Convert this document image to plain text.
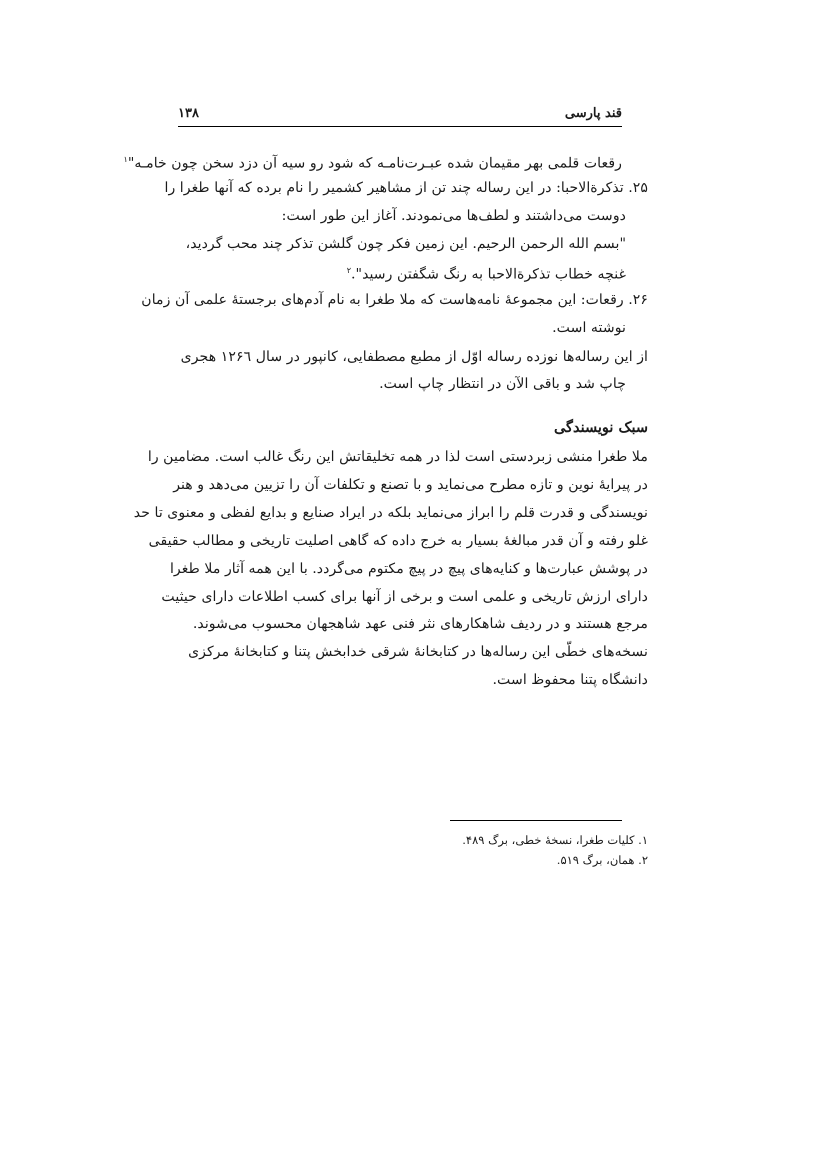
قند پارسی
۱۳۸
رقعات قلمی بهر مقیمان شده عبـرت‌نامـه که شود رو سیه آن دزد سخن چون خامـه"$^۱$
۲۵. تذکرةالاحبا: در این رساله چند تن از مشاهیر کشمیر را نام برده که آنها طغرا را
دوست می‌داشتند و لطف‌ها می‌نمودند. آغاز این طور است:
"بسم الله الرحمن الرحیم. این زمین فکر چون گلشن تذکر چند محب گردید،
غنچه خطاب تذکرةالاحبا به رنگ شگفتن رسید".$^۲$
۲۶. رقعات: این مجموعهٔ نامه‌هاست که ملا طغرا به نام آدم‌های برجستهٔ علمی آن زمان
نوشته است.
از این رساله‌ها نوزده رساله اوّل از مطبع مصطفایی، کانپور در سال ۱۲۶٦ هجری
چاپ شد و باقی الآن در انتظار چاپ است.
سبک نویسندگی
ملا طغرا منشی زبردستی است لذا در همه تخلیقاتش این رنگ غالب است. مضامین را
در پیرایهٔ نوین و تازه مطرح می‌نماید و با تصنع و تکلفات آن را تزیین می‌دهد و هنر
نویسندگی و قدرت قلم را ابراز می‌نماید بلکه در ایراد صنایع و بدایع لفظی و معنوی تا حد
غلو رفته و آن قدر مبالغهٔ بسیار به خرج داده که گاهی اصلیت تاریخی و مطالب حقیقی
در پوشش عبارت‌ها و کنایه‌های پیچ در پیچ مکتوم می‌گردد. با این همه آثار ملا طغرا
دارای ارزش تاریخی و علمی است و برخی از آنها برای کسب اطلاعات دارای حیثیت
مرجع هستند و در ردیف شاهکارهای نثر فنی عهد شاهجهان محسوب می‌شوند.
نسخه‌های خطّی این رساله‌ها در کتابخانهٔ شرقی خدابخش پتنا و کتابخانهٔ مرکزی
دانشگاه پتنا محفوظ است.
۱. کلیات طغرا، نسخهٔ خطی، برگ ۴۸۹.
۲. همان، برگ ۵۱۹.
